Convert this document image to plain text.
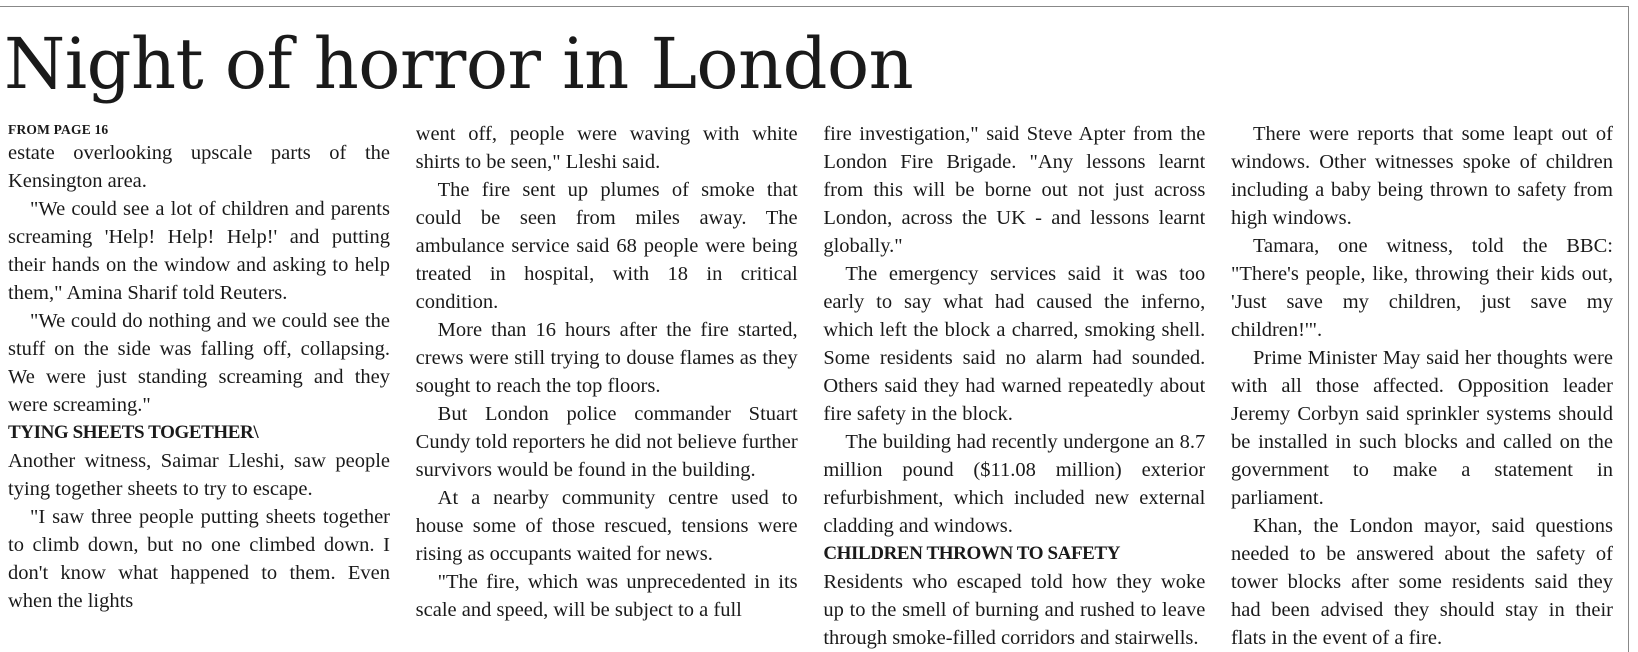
Night of horror in London
FROM PAGE 16

estate overlooking upscale parts of the Kensington area.

"We could see a lot of children and parents screaming 'Help! Help! Help!' and putting their hands on the window and asking to help them," Amina Sharif told Reuters.

"We could do nothing and we could see the stuff on the side was falling off, collapsing. We were just standing screaming and they were screaming."

TYING SHEETS TOGETHER\

Another witness, Saimar Lleshi, saw people tying together sheets to try to escape.

"I saw three people putting sheets together to climb down, but no one climbed down. I don't know what happened to them. Even when the lights

went off, people were waving with white shirts to be seen," Lleshi said.

The fire sent up plumes of smoke that could be seen from miles away. The ambulance service said 68 people were being treated in hospital, with 18 in critical condition.

More than 16 hours after the fire started, crews were still trying to douse flames as they sought to reach the top floors.

But London police commander Stuart Cundy told reporters he did not believe further survivors would be found in the building.

At a nearby community centre used to house some of those rescued, tensions were rising as occupants waited for news.

"The fire, which was unprecedented in its scale and speed, will be subject to a full

fire investigation," said Steve Apter from the London Fire Brigade. "Any lessons learnt from this will be borne out not just across London, across the UK - and lessons learnt globally."

The emergency services said it was too early to say what had caused the inferno, which left the block a charred, smoking shell. Some residents said no alarm had sounded. Others said they had warned repeatedly about fire safety in the block.

The building had recently undergone an 8.7 million pound ($11.08 million) exterior refurbishment, which included new external cladding and windows.

CHILDREN THROWN TO SAFETY

Residents who escaped told how they woke up to the smell of burning and rushed to leave through smoke-filled corridors and stairwells.

There were reports that some leapt out of windows. Other witnesses spoke of children including a baby being thrown to safety from high windows.

Tamara, one witness, told the BBC: "There's people, like, throwing their kids out, 'Just save my children, just save my children!'".

Prime Minister May said her thoughts were with all those affected. Opposition leader Jeremy Corbyn said sprinkler systems should be installed in such blocks and called on the government to make a statement in parliament.

Khan, the London mayor, said questions needed to be answered about the safety of tower blocks after some residents said they had been advised they should stay in their flats in the event of a fire.
